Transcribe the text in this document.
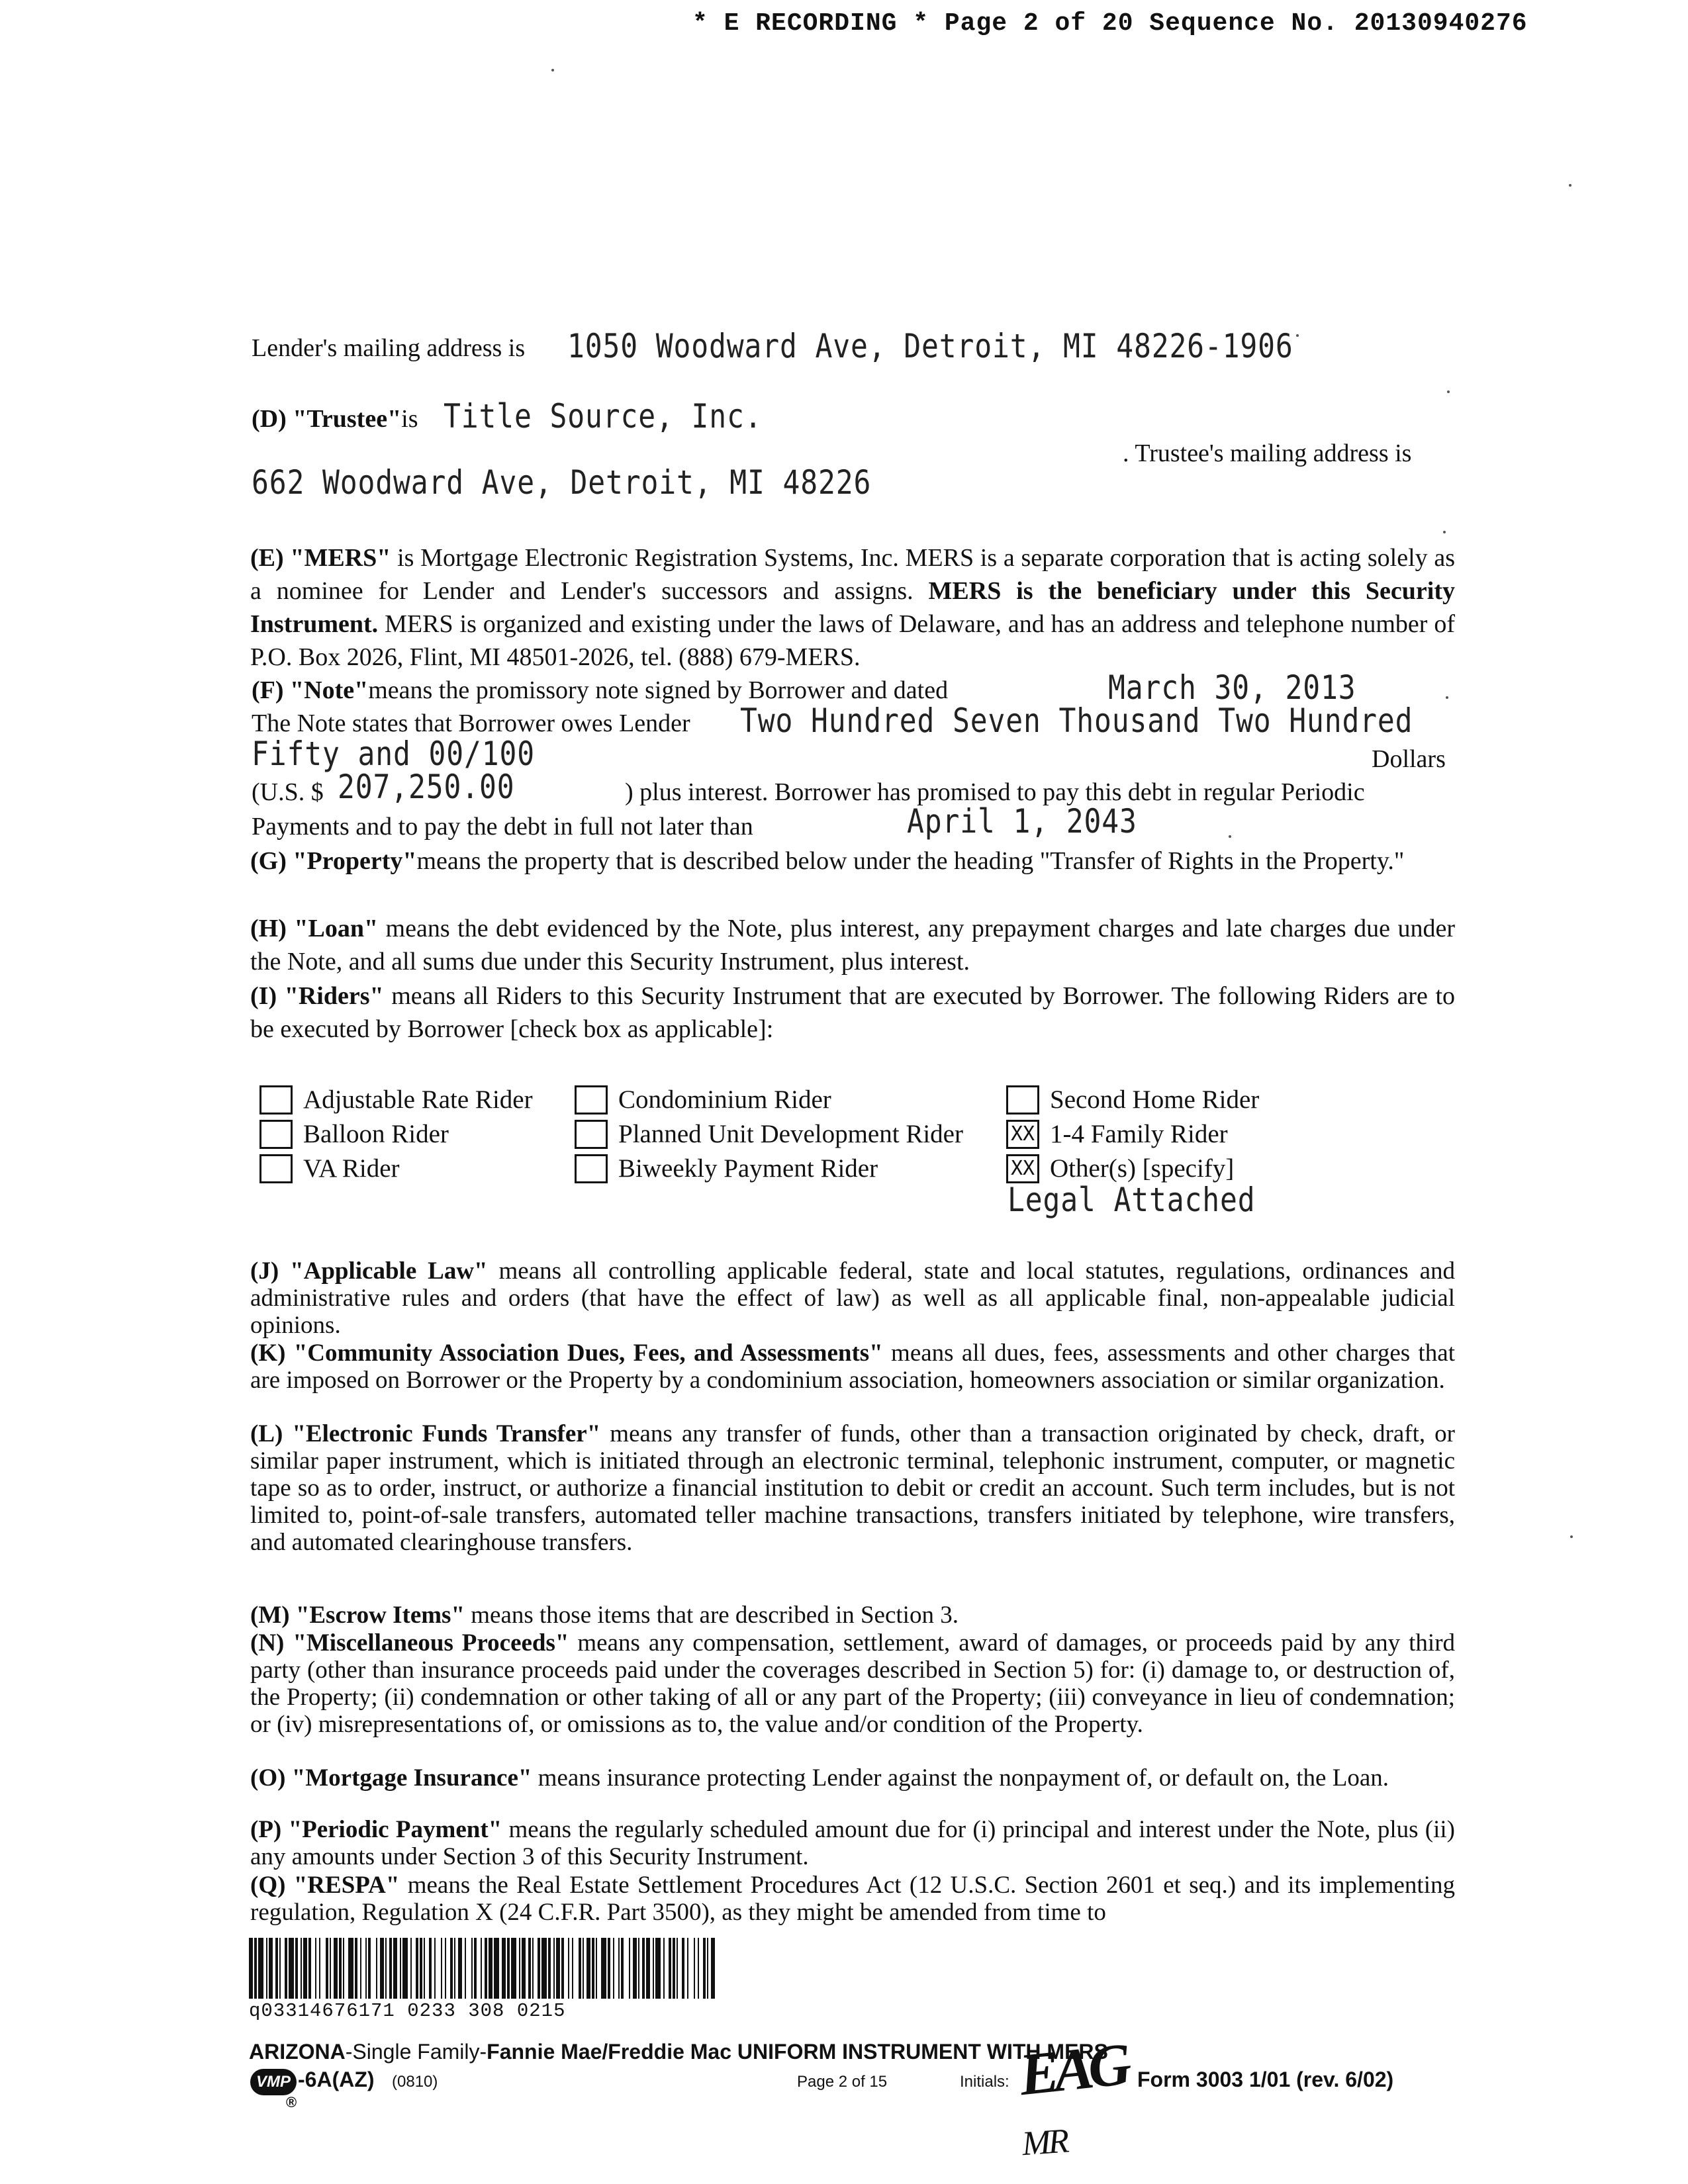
* E RECORDING * Page 2 of 20 Sequence No. 20130940276
Lender's mailing address is 1050 Woodward Ave, Detroit, MI 48226-1906
(D) "Trustee"is Title Source, Inc.
. Trustee's mailing address is
662 Woodward Ave, Detroit, MI 48226
(E) "MERS" is Mortgage Electronic Registration Systems, Inc. MERS is a separate corporation that is acting solely as a nominee for Lender and Lender's successors and assigns. MERS is the beneficiary under this Security Instrument. MERS is organized and existing under the laws of Delaware, and has an address and telephone number of P.O. Box 2026, Flint, MI 48501-2026, tel. (888) 679-MERS.
(F) "Note"means the promissory note signed by Borrower and dated	March 30, 2013
The Note states that Borrower owes Lender Two Hundred Seven Thousand Two Hundred
Fifty and 00/100	Dollars
(U.S. $ 207,250.00	) plus interest. Borrower has promised to pay this debt in regular Periodic
Payments and to pay the debt in full not later than	April 1, 2043
(G) "Property"means the property that is described below under the heading "Transfer of Rights in the Property."
(H) "Loan" means the debt evidenced by the Note, plus interest, any prepayment charges and late charges due under the Note, and all sums due under this Security Instrument, plus interest.
(I) "Riders" means all Riders to this Security Instrument that are executed by Borrower. The following Riders are to be executed by Borrower [check box as applicable]:
Adjustable Rate Rider	Condominium Rider	Second Home Rider
Balloon Rider	Planned Unit Development Rider XX 1-4 Family Rider
VA Rider	Biweekly Payment Rider	XX Other(s) [specify]
Legal Attached
(J) "Applicable Law" means all controlling applicable federal, state and local statutes, regulations, ordinances and administrative rules and orders (that have the effect of law) as well as all applicable final, non-appealable judicial opinions.
(K) "Community Association Dues, Fees, and Assessments" means all dues, fees, assessments and other charges that are imposed on Borrower or the Property by a condominium association, homeowners association or similar organization.
(L) "Electronic Funds Transfer" means any transfer of funds, other than a transaction originated by check, draft, or similar paper instrument, which is initiated through an electronic terminal, telephonic instrument, computer, or magnetic tape so as to order, instruct, or authorize a financial institution to debit or credit an account. Such term includes, but is not limited to, point-of-sale transfers, automated teller machine transactions, transfers initiated by telephone, wire transfers, and automated clearinghouse transfers.
(M) "Escrow Items" means those items that are described in Section 3.
(N) "Miscellaneous Proceeds" means any compensation, settlement, award of damages, or proceeds paid by any third party (other than insurance proceeds paid under the coverages described in Section 5) for: (i) damage to, or destruction of, the Property; (ii) condemnation or other taking of all or any part of the Property; (iii) conveyance in lieu of condemnation; or (iv) misrepresentations of, or omissions as to, the value and/or condition of the Property.
(O) "Mortgage Insurance" means insurance protecting Lender against the nonpayment of, or default on, the Loan.
(P) "Periodic Payment" means the regularly scheduled amount due for (i) principal and interest under the Note, plus (ii) any amounts under Section 3 of this Security Instrument.
(Q) "RESPA" means the Real Estate Settlement Procedures Act (12 U.S.C. Section 2601 et seq.) and its implementing regulation, Regulation X (24 C.F.R. Part 3500), as they might be amended from time to
q03314676171 0233 308 0215
ARIZONA-Single Family-Fannie Mae/Freddie Mac UNIFORM INSTRUMENT WITH MERS
VMP -6A(AZ) (0810)
®
Page 2 of 15	Initials: EAG Form 3003 1/01 (rev. 6/02)
MR
